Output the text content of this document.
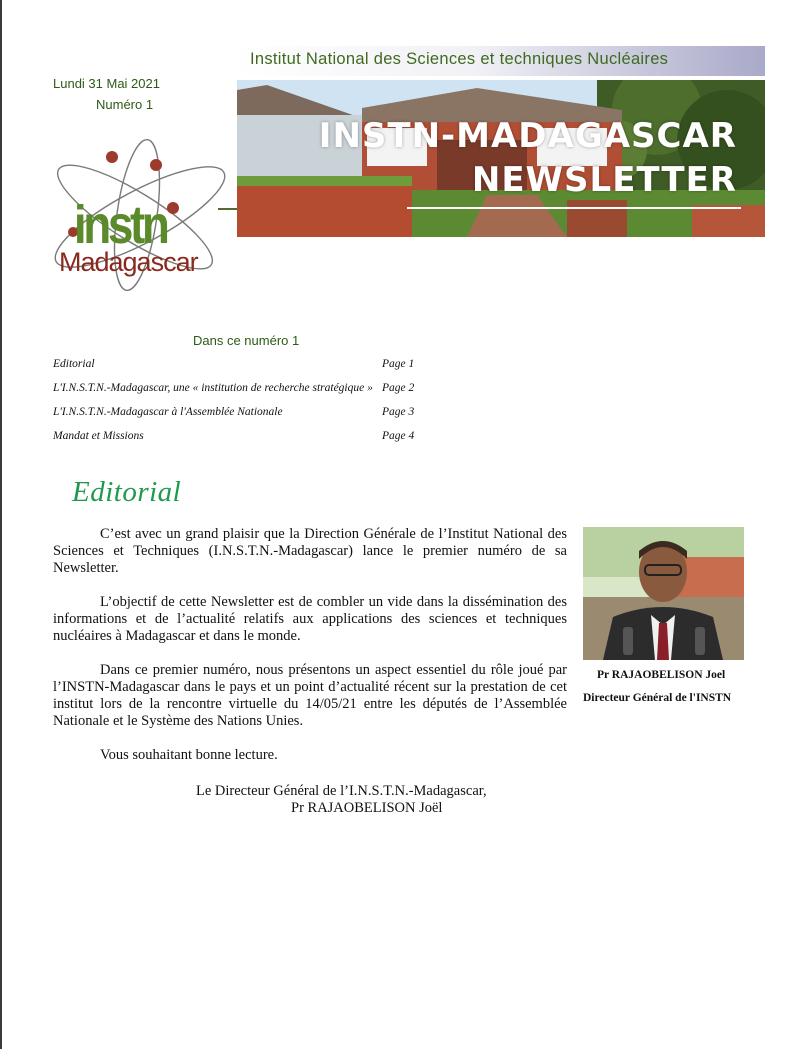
Institut National des Sciences et techniques Nucléaires
Lundi 31 Mai 2021
Numéro 1
instn
Madagascar
INSTN-MADAGASCAR
NEWSLETTER
Dans ce numéro 1
Editorial	Page 1
L'I.N.S.T.N.-Madagascar, une « institution de recherche stratégique » Page 2
L'I.N.S.T.N.-Madagascar à l'Assemblée Nationale	Page 3
Mandat et Missions	Page 4
Editorial

C’est avec un grand plaisir que la Direction Générale de l’Institut National des Sciences et Techniques (I.N.S.T.N.-Madagascar) lance le premier numéro de sa Newsletter.

L’objectif de cette Newsletter est de combler un vide dans la dissémination des informations et de l’actualité relatifs aux applications des sciences et techniques nucléaires à Madagascar et dans le monde.

Dans ce premier numéro, nous présentons un aspect essentiel du rôle joué par l’INSTN-Madagascar dans le pays et un point d’actualité récent sur la prestation de cet institut lors de la rencontre virtuelle du 14/05/21 entre les députés de l’Assemblée Nationale et le Système des Nations Unies.

Vous souhaitant bonne lecture.

Le Directeur Général de l’I.N.S.T.N.-Madagascar,
Pr RAJAOBELISON Joël
Pr RAJAOBELISON Joel
Directeur Général de l'INSTN
